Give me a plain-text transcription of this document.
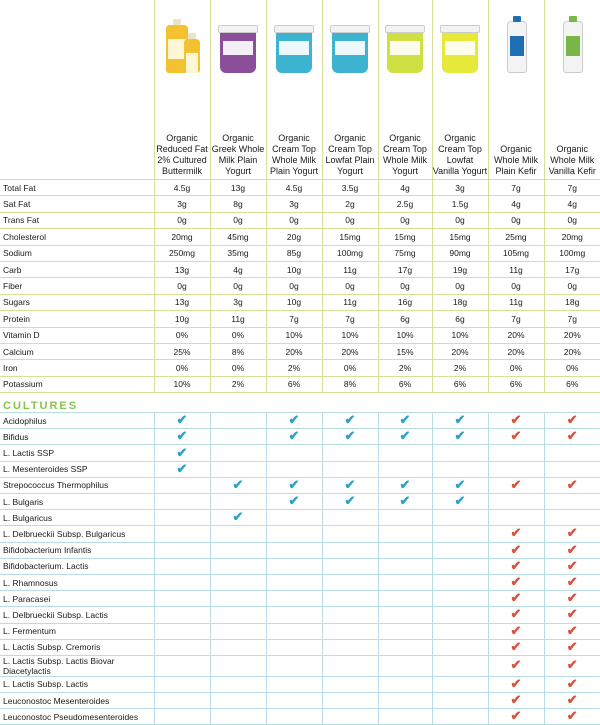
	Organic Reduced Fat 2% Cultured Buttermilk	Organic Greek Whole Milk Plain Yogurt	Organic Cream Top Whole Milk Plain Yogurt	Organic Cream Top Lowfat Plain Yogurt	Organic Cream Top Whole Milk Yogurt	Organic Cream Top Lowfat Vanilla Yogurt	Organic Whole Milk Plain Kefir	Organic Whole Milk Vanilla Kefir
Total Fat	4.5g	13g	4.5g	3.5g	4g	3g	7g	7g
Sat Fat	3g	8g	3g	2g	2.5g	1.5g	4g	4g
Trans Fat	0g	0g	0g	0g	0g	0g	0g	0g
Cholesterol	20mg	45mg	20g	15mg	15mg	15mg	25mg	20mg
Sodium	250mg	35mg	85g	100mg	75mg	90mg	105mg	100mg
Carb	13g	4g	10g	11g	17g	19g	11g	17g
Fiber	0g	0g	0g	0g	0g	0g	0g	0g
Sugars	13g	3g	10g	11g	16g	18g	11g	18g
Protein	10g	11g	7g	7g	6g	6g	7g	7g
Vitamin D	0%	0%	10%	10%	10%	10%	20%	20%
Calcium	25%	8%	20%	20%	15%	20%	20%	20%
Iron	0%	0%	2%	0%	2%	2%	0%	0%
Potassium	10%	2%	6%	8%	6%	6%	6%	6%
CULTURES								
Acidophilus	✔		✔	✔	✔	✔	✔	✔
Bifidus	✔		✔	✔	✔	✔	✔	✔
L. Lactis SSP	✔							
L. Mesenteroides SSP	✔							
Strepococcus Thermophilus		✔	✔	✔	✔	✔	✔	✔
L. Bulgaris			✔	✔	✔	✔		
L. Bulgaricus		✔						
L. Delbrueckii Subsp. Bulgaricus							✔	✔
Bifidobacterium Infantis							✔	✔
Bifidobacterium. Lactis							✔	✔
L. Rhamnosus							✔	✔
L. Paracasei							✔	✔
L. Delbrueckii Subsp. Lactis							✔	✔
L. Fermentum							✔	✔
L. Lactis Subsp. Cremoris							✔	✔
L. Lactis Subsp. Lactis Biovar Diacetylactis							✔	✔
L. Lactis Subsp. Lactis							✔	✔
Leuconostoc Mesenteroides							✔	✔
Leuconostoc Pseudomesenteroides							✔	✔
